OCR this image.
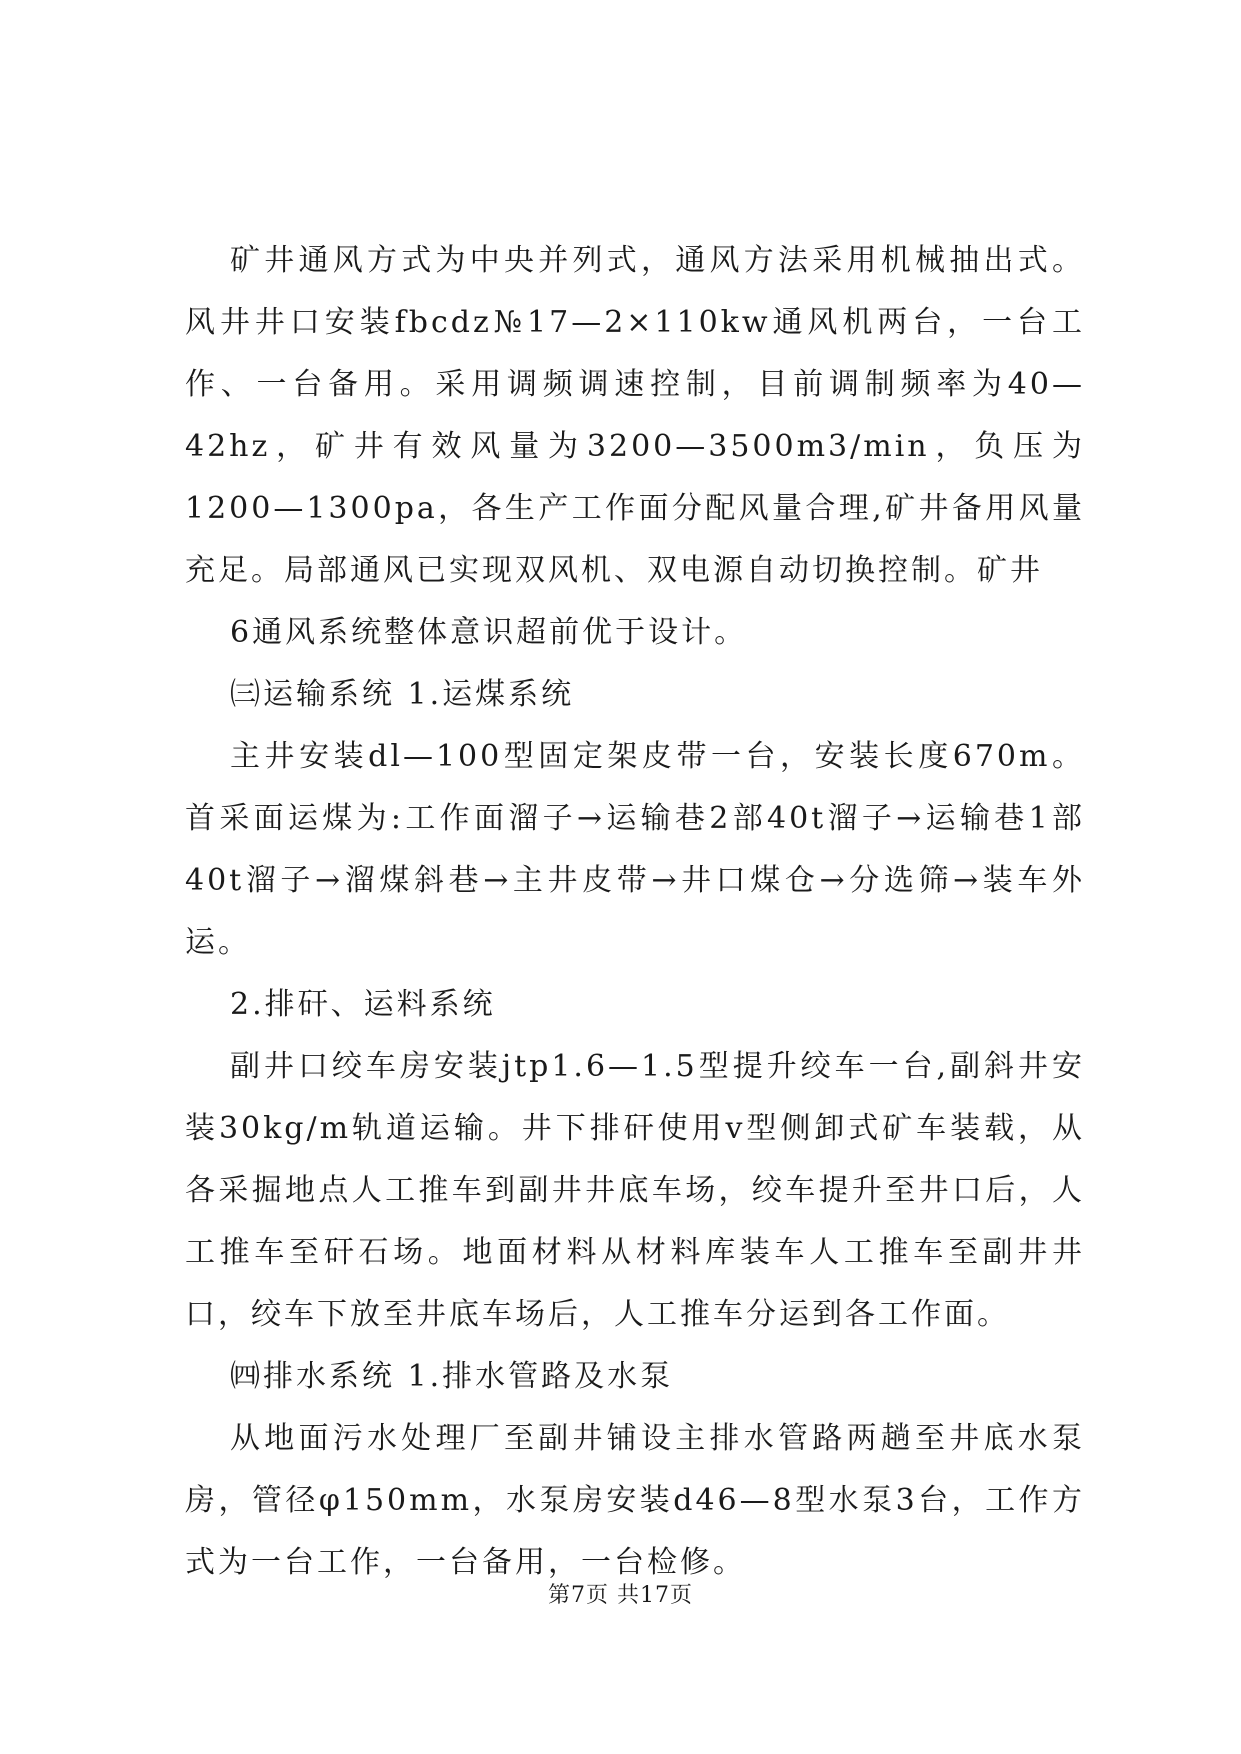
矿井通风方式为中央并列式，通风方法采用机械抽出式。风井井口安装fbcdz№17—2×110kw通风机两台，一台工作、一台备用。采用调频调速控制，目前调制频率为40—42hz，矿井有效风量为3200—3500m3/min，负压为1200—1300pa，各生产工作面分配风量合理,矿井备用风量充足。局部通风已实现双风机、双电源自动切换控制。矿井

6通风系统整体意识超前优于设计。

㈢运输系统 1.运煤系统

主井安装dl—100型固定架皮带一台，安装长度670m。首采面运煤为:工作面溜子→运输巷2部40t溜子→运输巷1部40t溜子→溜煤斜巷→主井皮带→井口煤仓→分选筛→装车外运。

2.排矸、运料系统

副井口绞车房安装jtp1.6—1.5型提升绞车一台,副斜井安装30kg/m轨道运输。井下排矸使用v型侧卸式矿车装载，从各采掘地点人工推车到副井井底车场，绞车提升至井口后，人工推车至矸石场。地面材料从材料库装车人工推车至副井井口，绞车下放至井底车场后，人工推车分运到各工作面。

㈣排水系统 1.排水管路及水泵

从地面污水处理厂至副井铺设主排水管路两趟至井底水泵房，管径φ150mm，水泵房安装d46—8型水泵3台，工作方式为一台工作，一台备用，一台检修。

第7页 共17页
